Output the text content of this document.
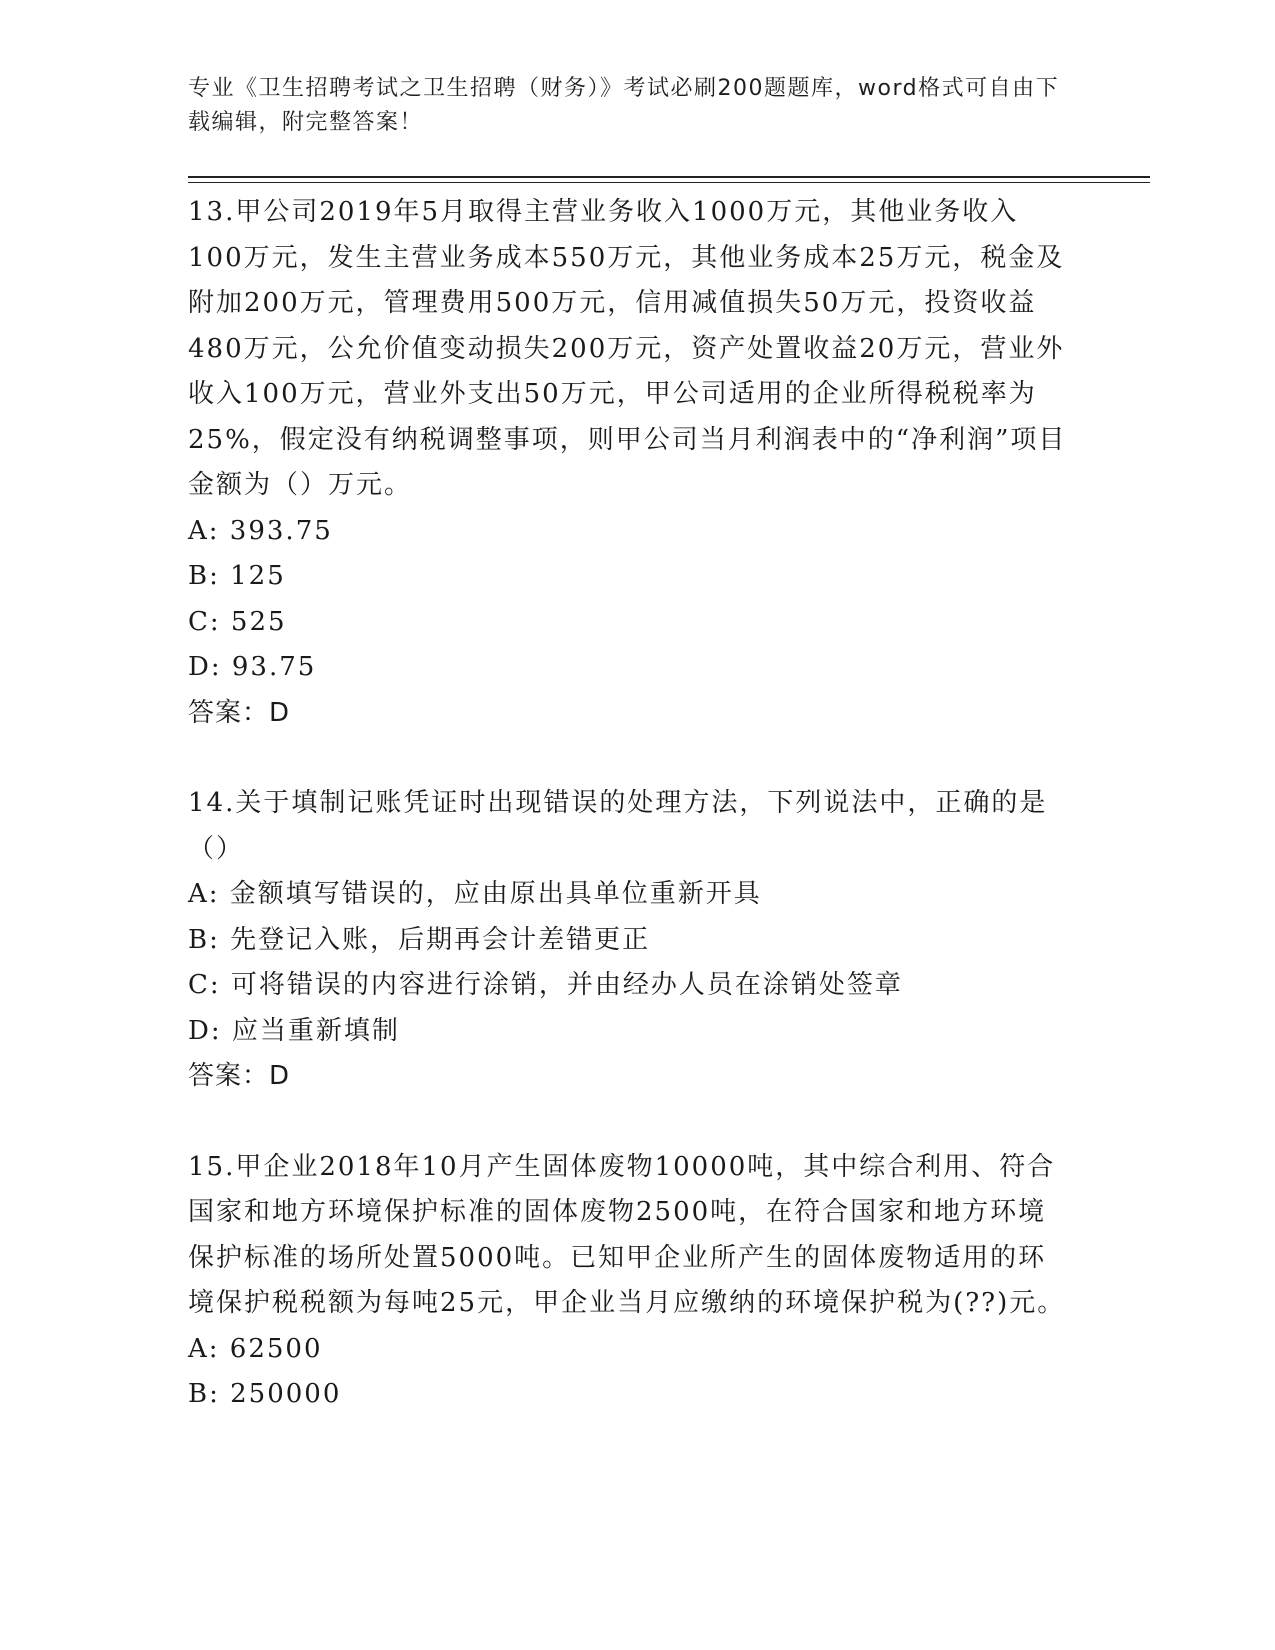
专业《卫生招聘考试之卫生招聘（财务）》考试必刷200题题库，word格式可自由下载编辑，附完整答案！

13.甲公司2019年5月取得主营业务收入1000万元，其他业务收入100万元，发生主营业务成本550万元，其他业务成本25万元，税金及附加200万元，管理费用500万元，信用减值损失50万元，投资收益480万元，公允价值变动损失200万元，资产处置收益20万元，营业外收入100万元，营业外支出50万元，甲公司适用的企业所得税税率为25%，假定没有纳税调整事项，则甲公司当月利润表中的“净利润”项目金额为（）万元。

A: 393.75

B: 125

C: 525

D: 93.75

答案：D

14.关于填制记账凭证时出现错误的处理方法，下列说法中，正确的是（）

A: 金额填写错误的，应由原出具单位重新开具

B: 先登记入账，后期再会计差错更正

C: 可将错误的内容进行涂销，并由经办人员在涂销处签章

D: 应当重新填制

答案：D

15.甲企业2018年10月产生固体废物10000吨，其中综合利用、符合国家和地方环境保护标准的固体废物2500吨，在符合国家和地方环境保护标准的场所处置5000吨。已知甲企业所产生的固体废物适用的环境保护税税额为每吨25元，甲企业当月应缴纳的环境保护税为(??)元。

A: 62500

B: 250000
